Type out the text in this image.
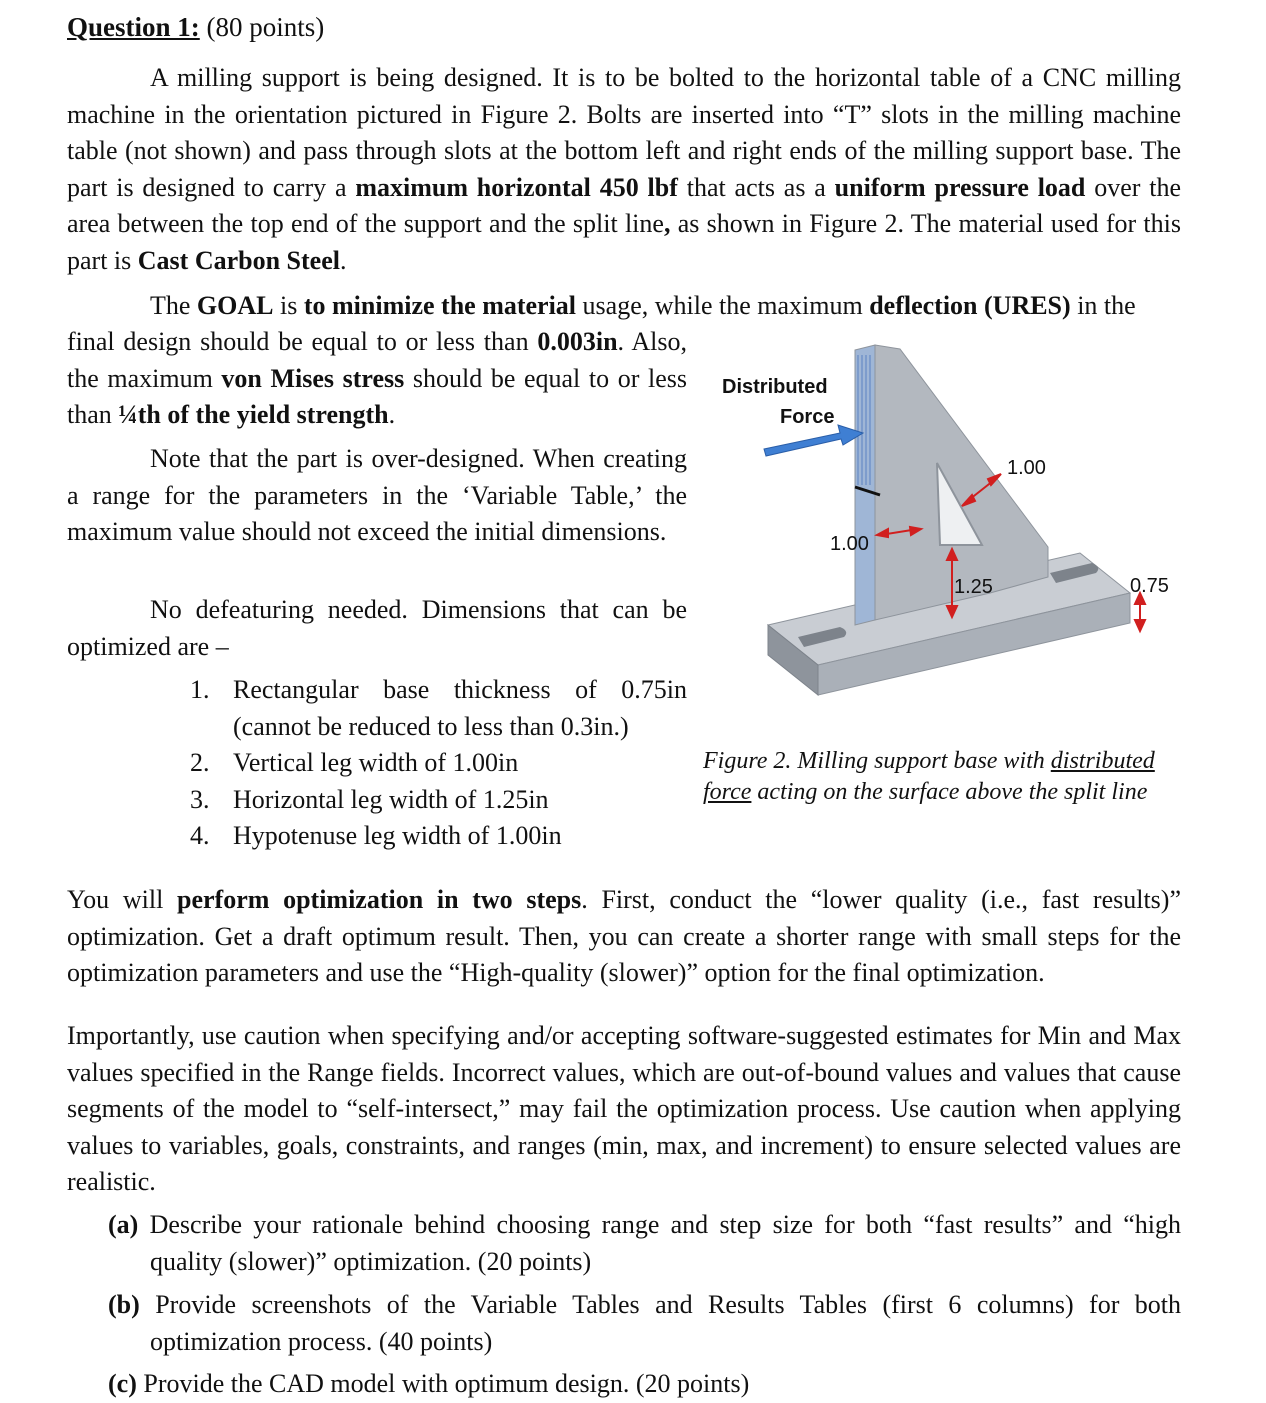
Question 1: (80 points)
A milling support is being designed. It is to be bolted to the horizontal table of a CNC milling machine in the orientation pictured in Figure 2. Bolts are inserted into “T” slots in the milling machine table (not shown) and pass through slots at the bottom left and right ends of the milling support base. The part is designed to carry a maximum horizontal 450 lbf that acts as a uniform pressure load over the area between the top end of the support and the split line, as shown in Figure 2. The material used for this part is Cast Carbon Steel.
The GOAL is to minimize the material usage, while the maximum deflection (URES) in the
final design should be equal to or less than 0.003in. Also, the maximum von Mises stress should be equal to or less than ¼th of the yield strength.
Note that the part is over-designed. When creating a range for the parameters in the ‘Variable Table,’ the maximum value should not exceed the initial dimensions.
No defeaturing needed. Dimensions that can be optimized are –
1. Rectangular base thickness of 0.75in (cannot be reduced to less than 0.3in.)
2. Vertical leg width of 1.00in
3. Horizontal leg width of 1.25in
4. Hypotenuse leg width of 1.00in
Distributed
Force
1.00
1.00
1.25	0.75
Figure 2. Milling support base with distributed force acting on the surface above the split line
You will perform optimization in two steps. First, conduct the “lower quality (i.e., fast results)” optimization. Get a draft optimum result. Then, you can create a shorter range with small steps for the optimization parameters and use the “High-quality (slower)” option for the final optimization.
Importantly, use caution when specifying and/or accepting software-suggested estimates for Min and Max values specified in the Range fields. Incorrect values, which are out-of-bound values and values that cause segments of the model to “self-intersect,” may fail the optimization process. Use caution when applying values to variables, goals, constraints, and ranges (min, max, and increment) to ensure selected values are realistic.
(a) Describe your rationale behind choosing range and step size for both “fast results” and “high quality (slower)” optimization. (20 points)
(b) Provide screenshots of the Variable Tables and Results Tables (first 6 columns) for both optimization process. (40 points)
(c) Provide the CAD model with optimum design. (20 points)
